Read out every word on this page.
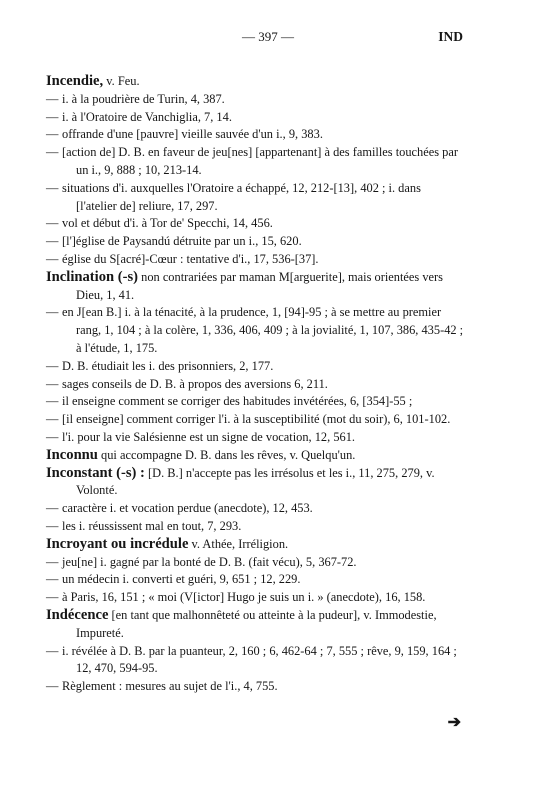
— 397 —	IND

Incendie, v. Feu.

— i. à la poudrière de Turin, 4, 387.

— i. à l'Oratoire de Vanchiglia, 7, 14.

— offrande d'une [pauvre] vieille sauvée d'un i., 9, 383.

— [action de] D. B. en faveur de jeu[nes] [appartenant] à des familles touchées par un i., 9, 888 ; 10, 213-14.

— situations d'i. auxquelles l'Oratoire a échappé, 12, 212-[13], 402 ; i. dans [l'atelier de] reliure, 17, 297.

— vol et début d'i. à Tor de' Specchi, 14, 456.

— [l']église de Paysandú détruite par un i., 15, 620.

— église du S[acré]-Cœur : tentative d'i., 17, 536-[37].

Inclination (-s) non contrariées par maman M[arguerite], mais orientées vers Dieu, 1, 41.

— en J[ean B.] i. à la ténacité, à la prudence, 1, [94]-95 ; à se mettre au premier rang, 1, 104 ; à la colère, 1, 336, 406, 409 ; à la jovialité, 1, 107, 386, 435-42 ; à l'étude, 1, 175.

— D. B. étudiait les i. des prisonniers, 2, 177.

— sages conseils de D. B. à propos des aversions 6, 211.

— il enseigne comment se corriger des habitudes invétérées, 6, [354]-55 ;

— [il enseigne] comment corriger l'i. à la susceptibilité (mot du soir), 6, 101-102.

— l'i. pour la vie Salésienne est un signe de vocation, 12, 561.

Inconnu qui accompagne D. B. dans les rêves, v. Quelqu'un.

Inconstant (-s) : [D. B.] n'accepte pas les irrésolus et les i., 11, 275, 279, v. Volonté.

— caractère i. et vocation perdue (anecdote), 12, 453.

— les i. réussissent mal en tout, 7, 293.

Incroyant ou incrédule v. Athée, Irréligion.

— jeu[ne] i. gagné par la bonté de D. B. (fait vécu), 5, 367-72.

— un médecin i. converti et guéri, 9, 651 ; 12, 229.

— à Paris, 16, 151 ; « moi (V[ictor] Hugo je suis un i. » (anecdote), 16, 158.

Indécence [en tant que malhonnêteté ou atteinte à la pudeur], v. Immodestie, Impureté.

— i. révélée à D. B. par la puanteur, 2, 160 ; 6, 462-64 ; 7, 555 ; rêve, 9, 159, 164 ; 12, 470, 594-95.

— Règlement : mesures au sujet de l'i., 4, 755.

➔
